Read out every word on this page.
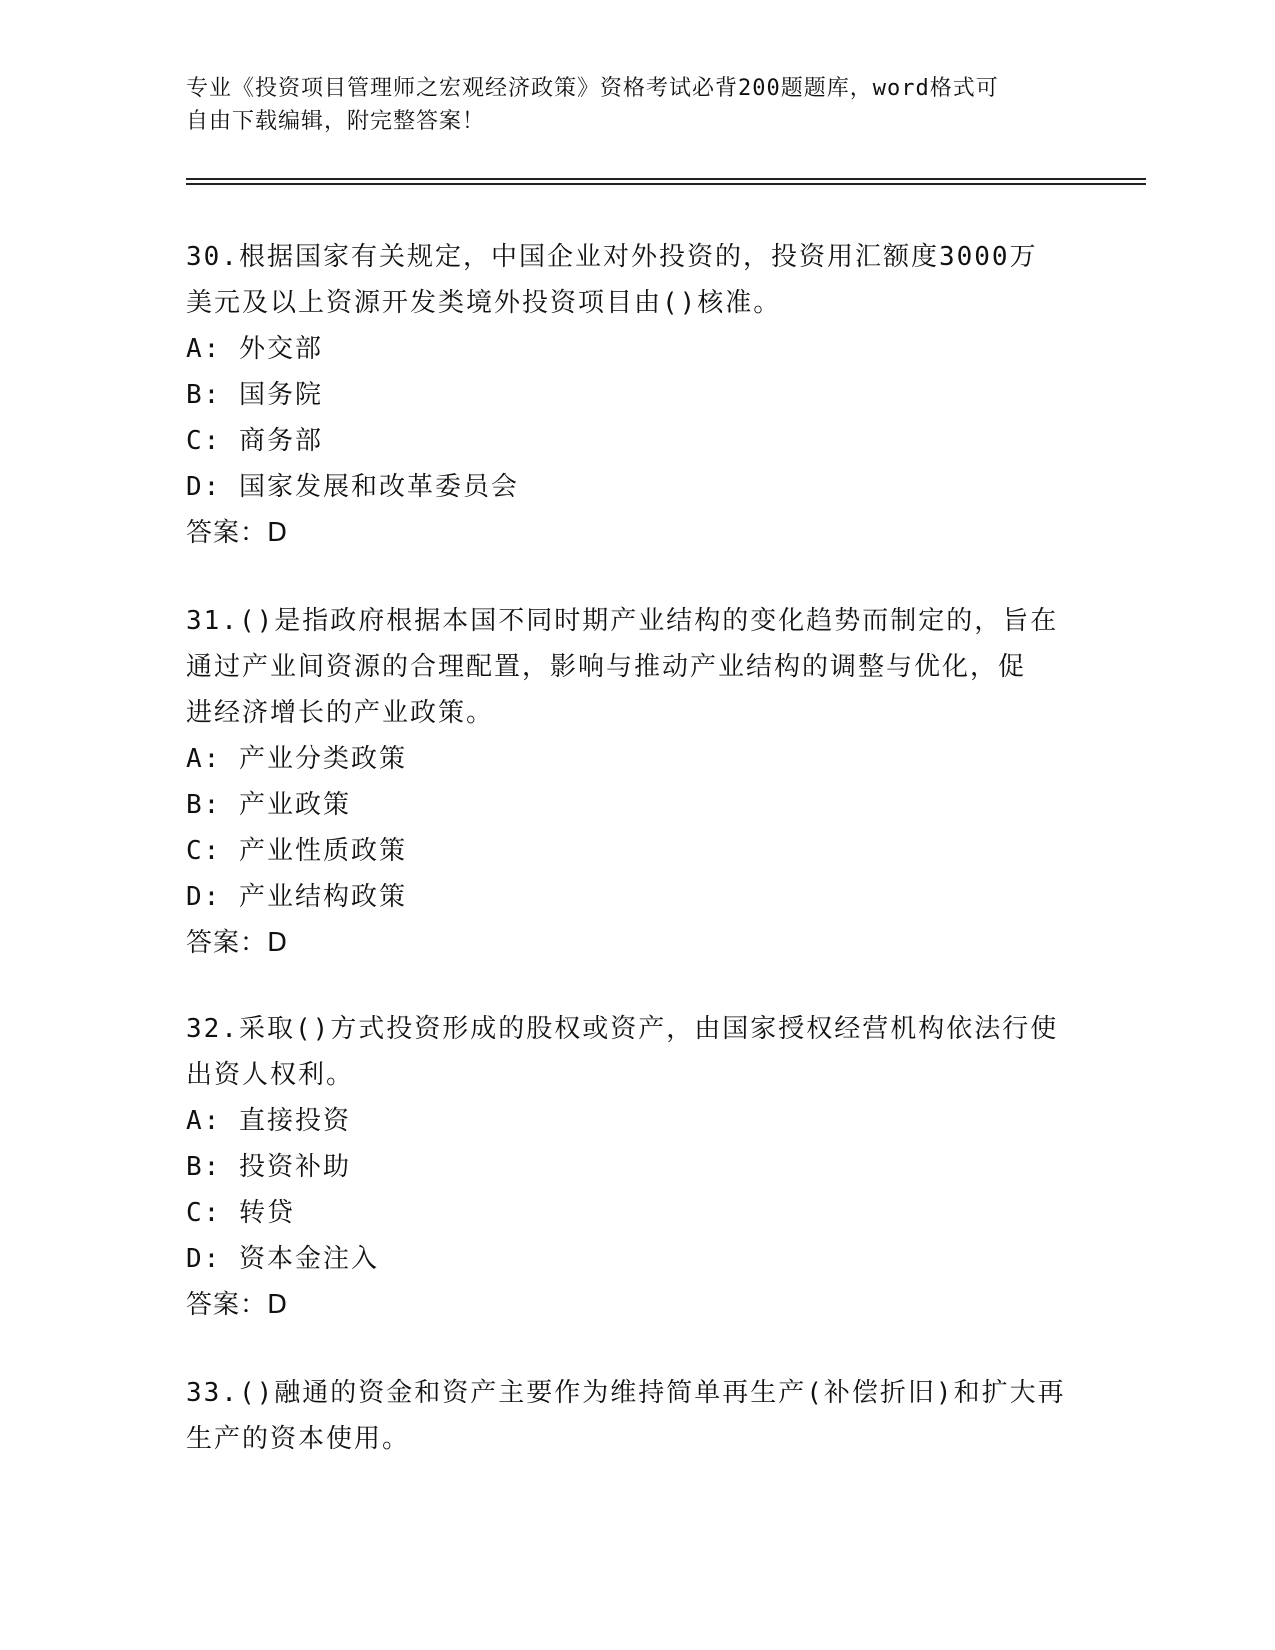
专业《投资项目管理师之宏观经济政策》资格考试必背200题题库，word格式可
自由下载编辑，附完整答案！
30.根据国家有关规定，中国企业对外投资的，投资用汇额度3000万
美元及以上资源开发类境外投资项目由()核准。
A: 外交部
B: 国务院
C: 商务部
D: 国家发展和改革委员会
答案：D
31.()是指政府根据本国不同时期产业结构的变化趋势而制定的，旨在
通过产业间资源的合理配置，影响与推动产业结构的调整与优化，促
进经济增长的产业政策。
A: 产业分类政策
B: 产业政策
C: 产业性质政策
D: 产业结构政策
答案：D
32.采取()方式投资形成的股权或资产，由国家授权经营机构依法行使
出资人权利。
A: 直接投资
B: 投资补助
C: 转贷
D: 资本金注入
答案：D
33.()融通的资金和资产主要作为维持简单再生产(补偿折旧)和扩大再
生产的资本使用。
